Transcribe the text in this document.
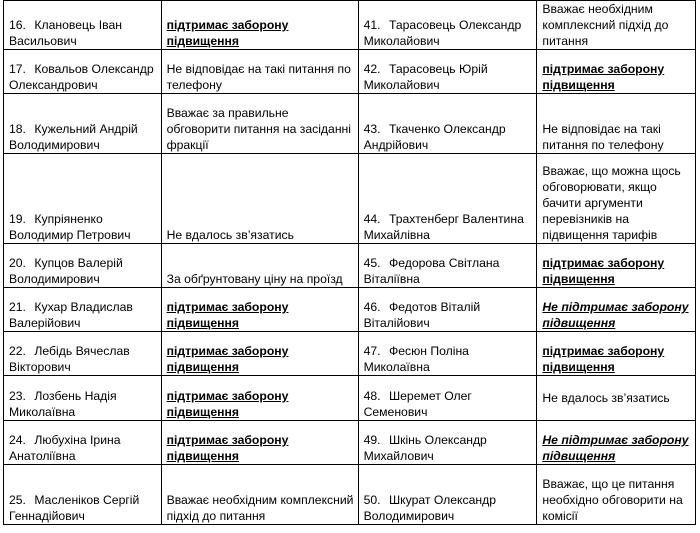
16. Клановець Іван Васильович	підтримає заборону підвищення	41. Тарасовець Олександр Миколайович	Вважає необхідним комплексний підхід до питання
17. Ковальов Олександр Олександрович	Не відповідає на такі питання по телефону	42. Тарасовець Юрій Миколайович	підтримає заборону підвищення
18. Кужельний Андрій Володимирович	Вважає за правильне обговорити питання на засіданні фракції	43. Ткаченко Олександр Андрійович	Не відповідає на такі питання по телефону
19. Купріяненко Володимир Петрович	Не вдалось зв’язатись	44. Трахтенберг Валентина Михайлівна	Вважає, що можна щось обговорювати, якщо бачити аргументи перевізників на підвищення тарифів
20. Купцов Валерій Володимирович	За обґрунтовану ціну на проїзд	45. Федорова Світлана Віталіївна	підтримає заборону підвищення
21. Кухар Владислав Валерійович	підтримає заборону підвищення	46. Федотов Віталій Віталійович	Не підтримає заборону підвищення
22. Лебідь Вячеслав Вікторович	підтримає заборону підвищення	47. Фесюн Поліна Миколаївна	підтримає заборону підвищення
23. Лозбень Надія Миколаївна	підтримає заборону підвищення	48. Шеремет Олег Семенович	Не вдалось зв’язатись
24. Любухіна Ірина Анатоліївна	підтримає заборону підвищення	49. Шкінь Олександр Михайлович	Не підтримає заборону підвищення
25. Масленіков Сергій Геннадійович	Вважає необхідним комплексний підхід до питання	50. Шкурат Олександр Володимирович	Вважає, що це питання необхідно обговорити на комісії
